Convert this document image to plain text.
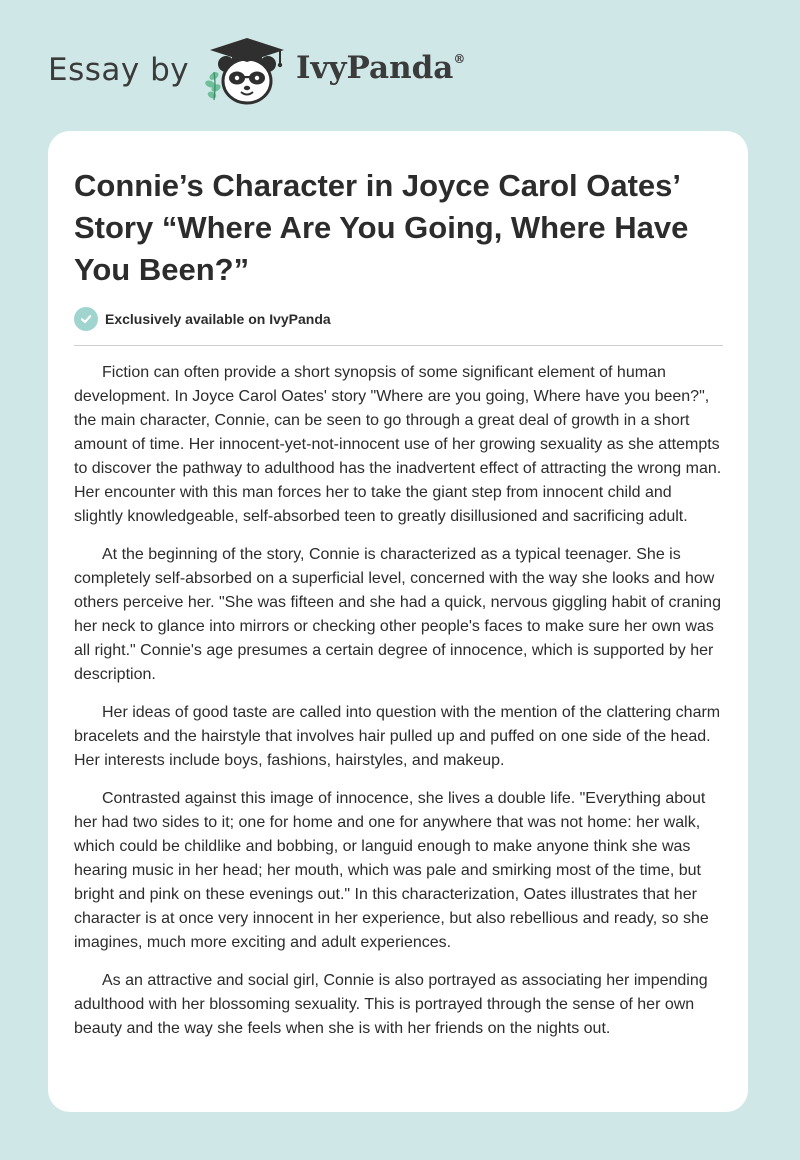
Essay by	IvyPanda®
Connie’s Character in Joyce Carol Oates’ Story “Where Are You Going, Where Have You Been?”
Exclusively available on IvyPanda

Fiction can often provide a short synopsis of some significant element of human development. In Joyce Carol Oates' story "Where are you going, Where have you been?", the main character, Connie, can be seen to go through a great deal of growth in a short amount of time. Her innocent-yet-not-innocent use of her growing sexuality as she attempts to discover the pathway to adulthood has the inadvertent effect of attracting the wrong man. Her encounter with this man forces her to take the giant step from innocent child and slightly knowledgeable, self-absorbed teen to greatly disillusioned and sacrificing adult.

At the beginning of the story, Connie is characterized as a typical teenager. She is completely self-absorbed on a superficial level, concerned with the way she looks and how others perceive her. "She was fifteen and she had a quick, nervous giggling habit of craning her neck to glance into mirrors or checking other people's faces to make sure her own was all right." Connie's age presumes a certain degree of innocence, which is supported by her description.

Her ideas of good taste are called into question with the mention of the clattering charm bracelets and the hairstyle that involves hair pulled up and puffed on one side of the head. Her interests include boys, fashions, hairstyles, and makeup.

Contrasted against this image of innocence, she lives a double life. "Everything about her had two sides to it; one for home and one for anywhere that was not home: her walk, which could be childlike and bobbing, or languid enough to make anyone think she was hearing music in her head; her mouth, which was pale and smirking most of the time, but bright and pink on these evenings out." In this characterization, Oates illustrates that her character is at once very innocent in her experience, but also rebellious and ready, so she imagines, much more exciting and adult experiences.

As an attractive and social girl, Connie is also portrayed as associating her impending adulthood with her blossoming sexuality. This is portrayed through the sense of her own beauty and the way she feels when she is with her friends on the nights out.
